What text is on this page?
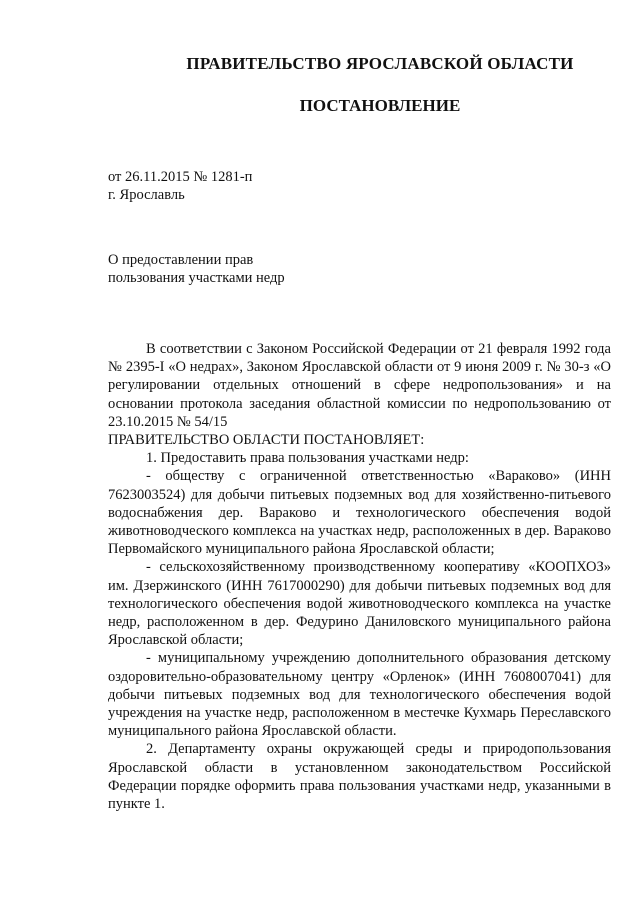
ПРАВИТЕЛЬСТВО ЯРОСЛАВСКОЙ ОБЛАСТИ
ПОСТАНОВЛЕНИЕ
от 26.11.2015 № 1281-п
г. Ярославль
О предоставлении прав
пользования участками недр

В соответствии с Законом Российской Федерации от 21 февраля 1992 года № 2395-I «О недрах», Законом Ярославской области от 9 июня 2009 г. № 30-з «О регулировании отдельных отношений в сфере недропользования» и на основании протокола заседания областной комиссии по недропользованию от 23.10.2015 № 54/15

ПРАВИТЕЛЬСТВО ОБЛАСТИ ПОСТАНОВЛЯЕТ:

1. Предоставить права пользования участками недр:

- обществу с ограниченной ответственностью «Вараково» (ИНН 7623003524) для добычи питьевых подземных вод для хозяйственно-питьевого водоснабжения дер. Вараково и технологического обеспечения водой животноводческого комплекса на участках недр, расположенных в дер. Вараково Первомайского муниципального района Ярославской области;

- сельскохозяйственному производственному кооперативу «КООПХОЗ» им. Дзержинского (ИНН 7617000290) для добычи питьевых подземных вод для технологического обеспечения водой животноводческого комплекса на участке недр, расположенном в дер. Федурино Даниловского муниципального района Ярославской области;

- муниципальному учреждению дополнительного образования детскому оздоровительно-образовательному центру «Орленок» (ИНН 7608007041) для добычи питьевых подземных вод для технологического обеспечения водой учреждения на участке недр, расположенном в местечке Кухмарь Переславского муниципального района Ярославской области.

2. Департаменту охраны окружающей среды и природопользования Ярославской области в установленном законодательством Российской Федерации порядке оформить права пользования участками недр, указанными в пункте 1.
